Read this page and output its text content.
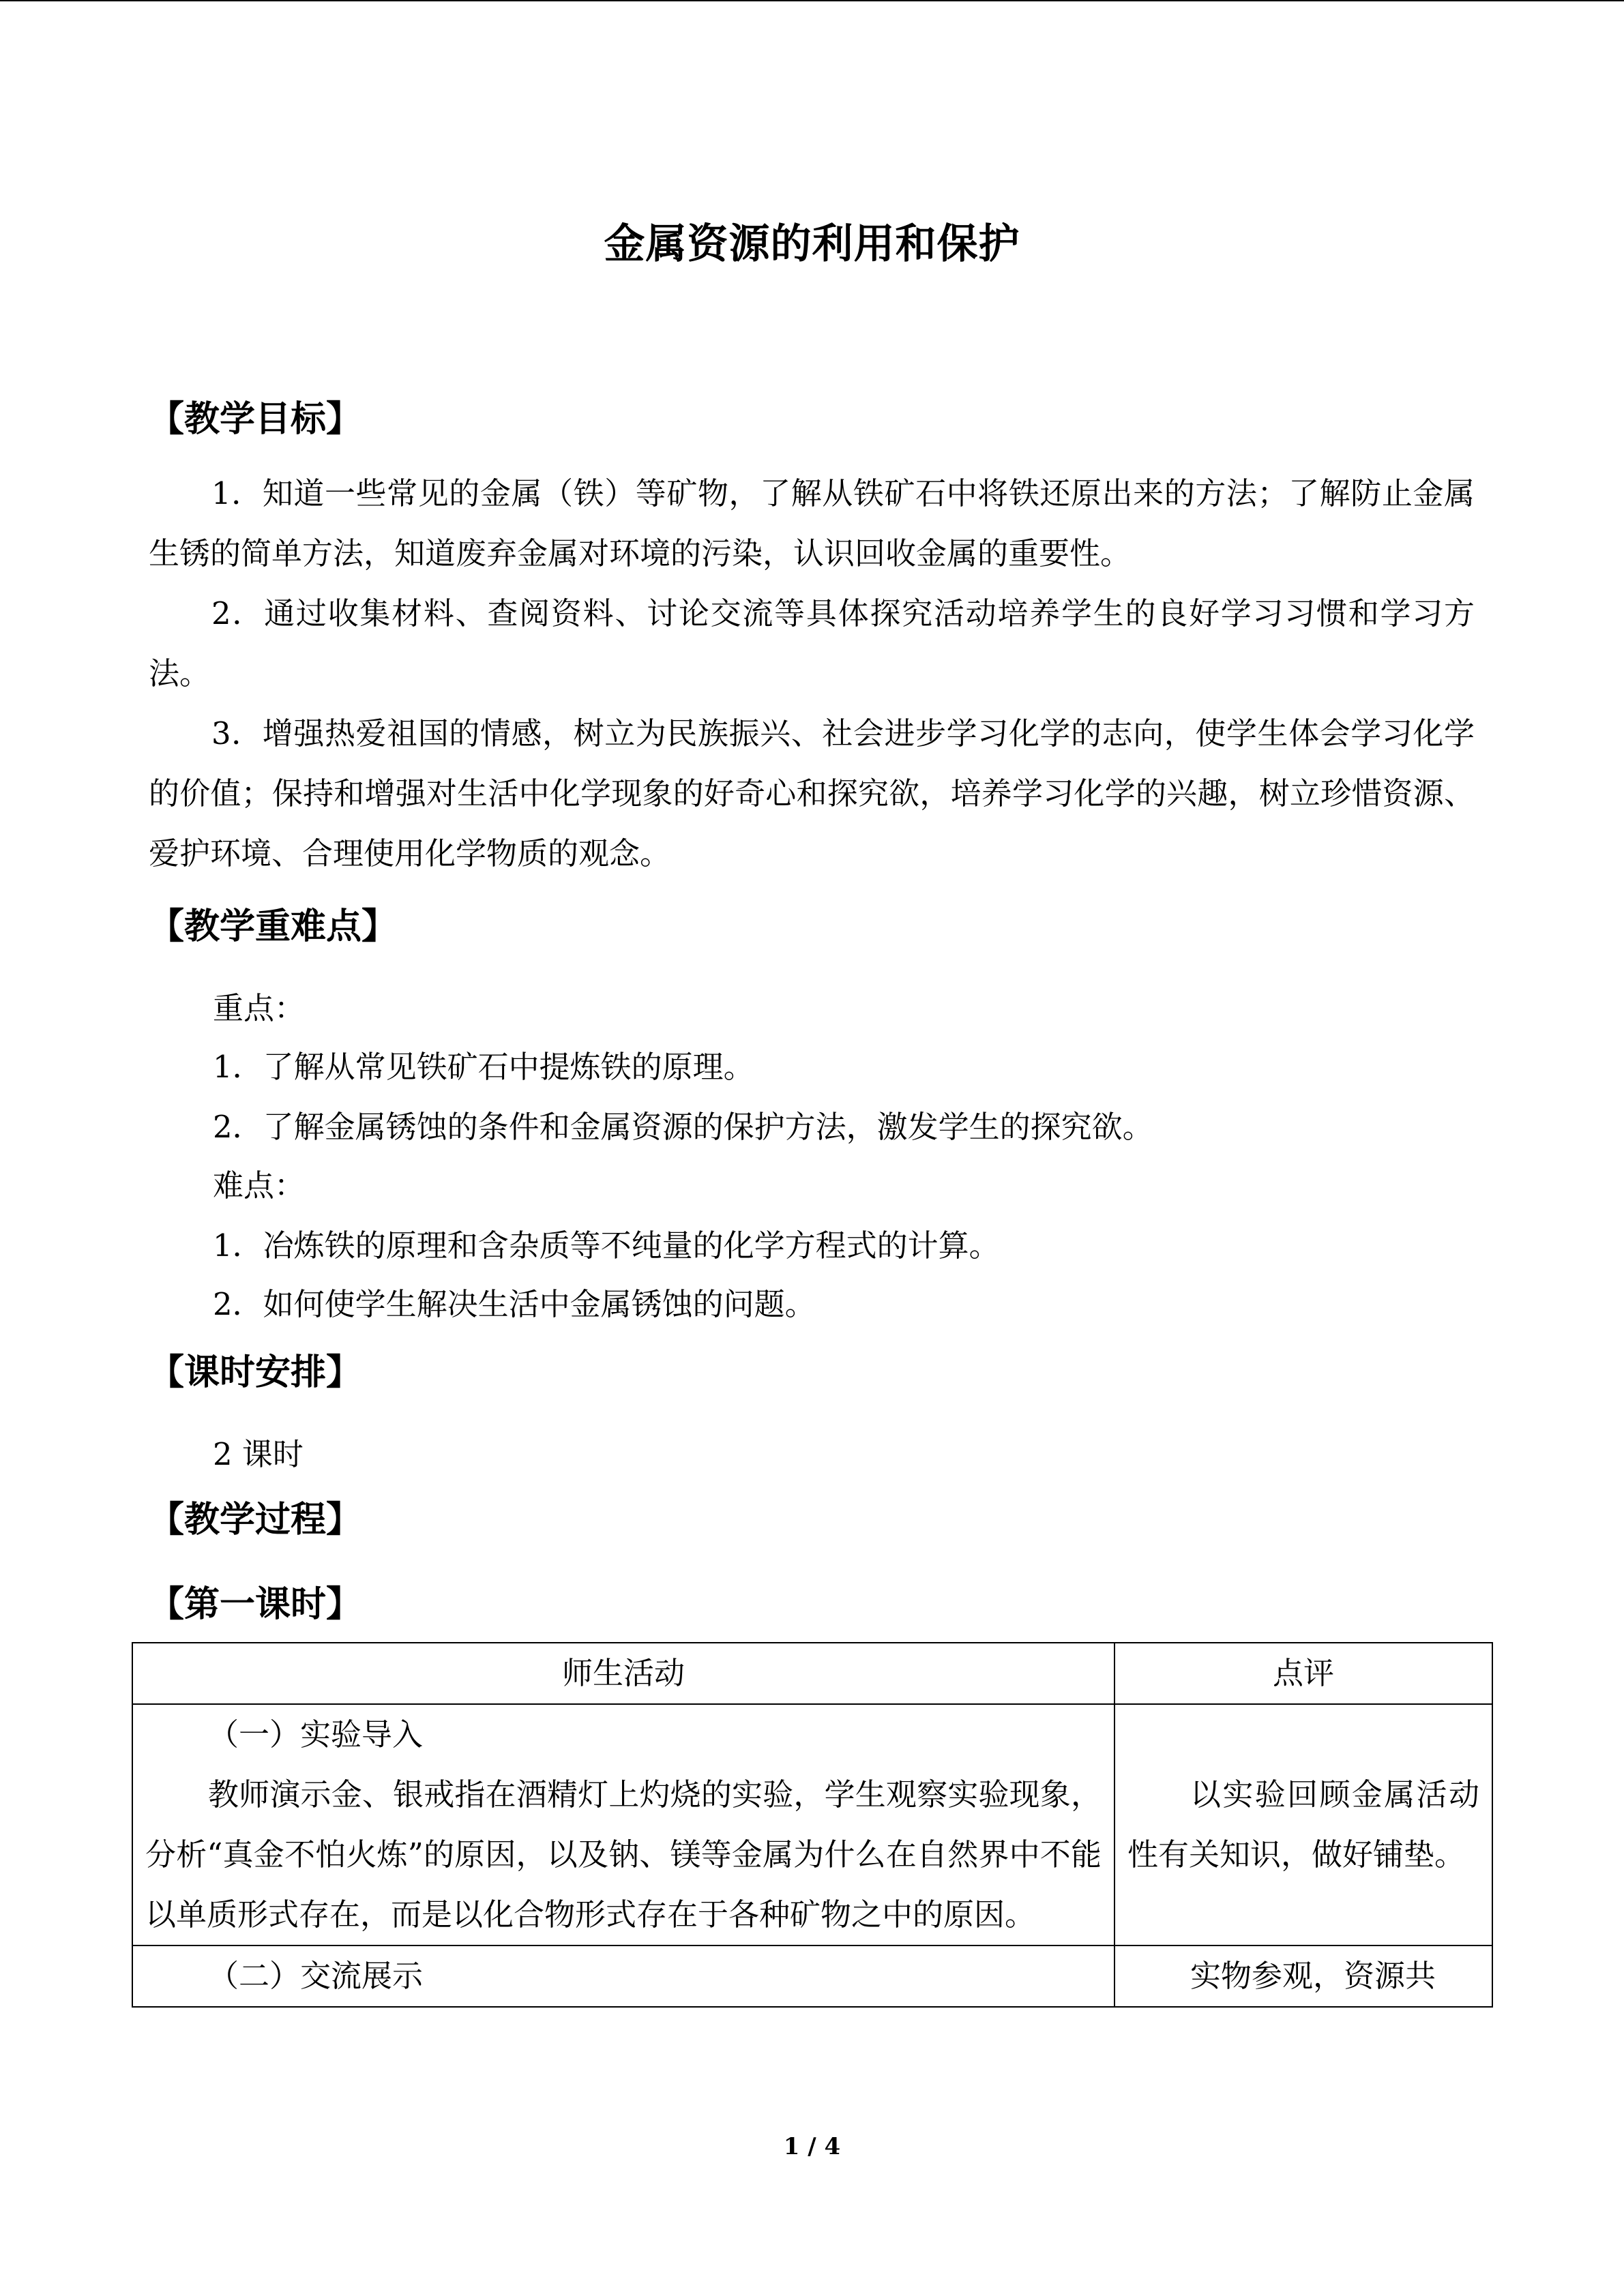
金属资源的利用和保护
【教学目标】
1．知道一些常见的金属（铁）等矿物，了解从铁矿石中将铁还原出来的方法；了解防止金属生锈的简单方法，知道废弃金属对环境的污染，认识回收金属的重要性。
2．通过收集材料、查阅资料、讨论交流等具体探究活动培养学生的良好学习习惯和学习方法。
3．增强热爱祖国的情感，树立为民族振兴、社会进步学习化学的志向，使学生体会学习化学的价值；保持和增强对生活中化学现象的好奇心和探究欲，培养学习化学的兴趣，树立珍惜资源、爱护环境、合理使用化学物质的观念。
【教学重难点】
重点：
1．了解从常见铁矿石中提炼铁的原理。
2．了解金属锈蚀的条件和金属资源的保护方法，激发学生的探究欲。
难点：
1．冶炼铁的原理和含杂质等不纯量的化学方程式的计算。
2．如何使学生解决生活中金属锈蚀的问题。
【课时安排】
2 课时
【教学过程】
【第一课时】
师生活动	点评

（一）实验导入
教师演示金、银戒指在酒精灯上灼烧的实验，学生观察实验现象，分析“真金不怕火炼”的原因，以及钠、镁等金属为什么在自然界中不能以单质形式存在，而是以化合物形式存在于各种矿物之中的原因。	以实验回顾金属活动性有关知识，做好铺垫。

（二）交流展示	实物参观，资源共
1 / 4
